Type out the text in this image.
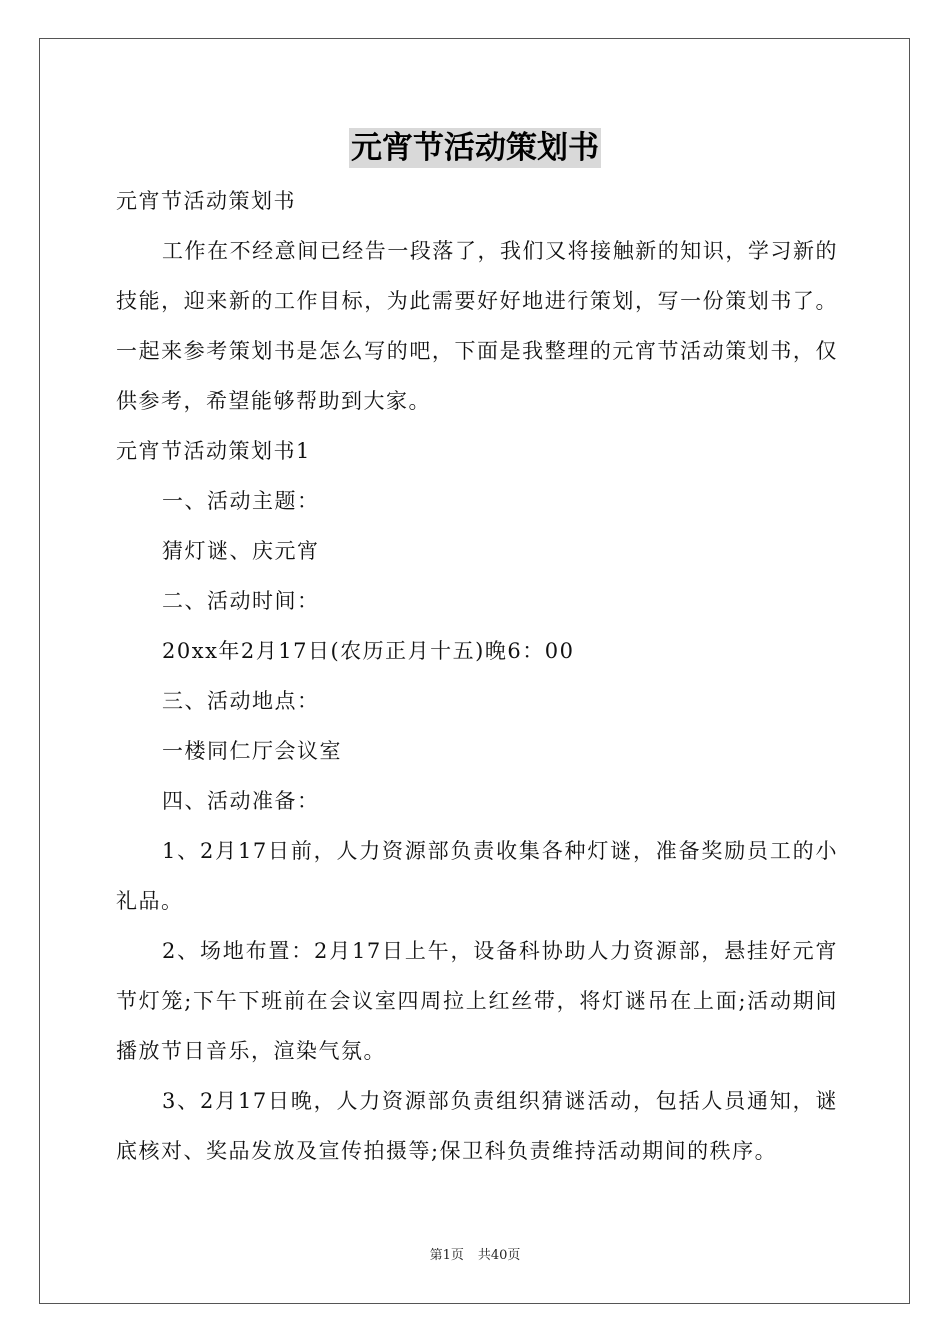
元宵节活动策划书

元宵节活动策划书

工作在不经意间已经告一段落了，我们又将接触新的知识，学习新的技能，迎来新的工作目标，为此需要好好地进行策划，写一份策划书了。一起来参考策划书是怎么写的吧，下面是我整理的元宵节活动策划书，仅供参考，希望能够帮助到大家。

元宵节活动策划书1

一、活动主题：

猜灯谜、庆元宵

二、活动时间：

20xx年2月17日(农历正月十五)晚6：00

三、活动地点：

一楼同仁厅会议室

四、活动准备：

1、2月17日前，人力资源部负责收集各种灯谜，准备奖励员工的小礼品。

2、场地布置：2月17日上午，设备科协助人力资源部，悬挂好元宵节灯笼;下午下班前在会议室四周拉上红丝带，将灯谜吊在上面;活动期间播放节日音乐，渲染气氛。

3、2月17日晚，人力资源部负责组织猜谜活动，包括人员通知，谜底核对、奖品发放及宣传拍摄等;保卫科负责维持活动期间的秩序。

第1页 共40页
